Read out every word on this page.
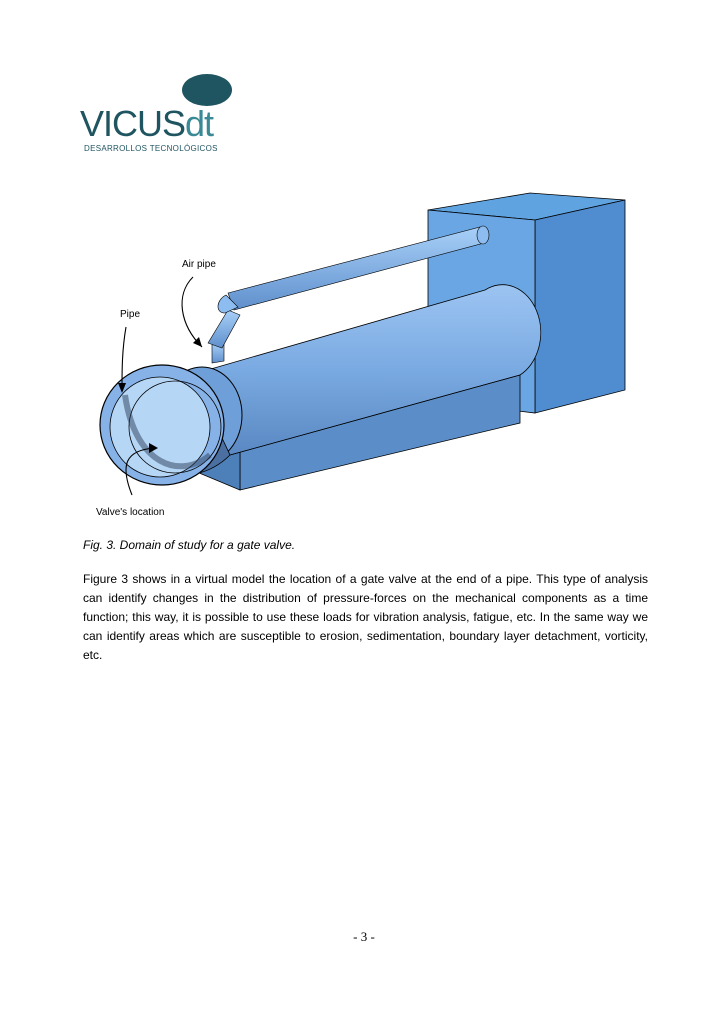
VICUSdt
DESARROLLOS TECNOLÓGICOS
Air pipe
Pipe
Valve's location
Fig. 3. Domain of study for a gate valve.
Figure 3 shows in a virtual model the location of a gate valve at the end of a pipe. This type of analysis can identify changes in the distribution of pressure-forces on the mechanical components as a time function; this way, it is possible to use these loads for vibration analysis, fatigue, etc. In the same way we can identify areas which are susceptible to erosion, sedimentation, boundary layer detachment, vorticity, etc.
- 3 -
